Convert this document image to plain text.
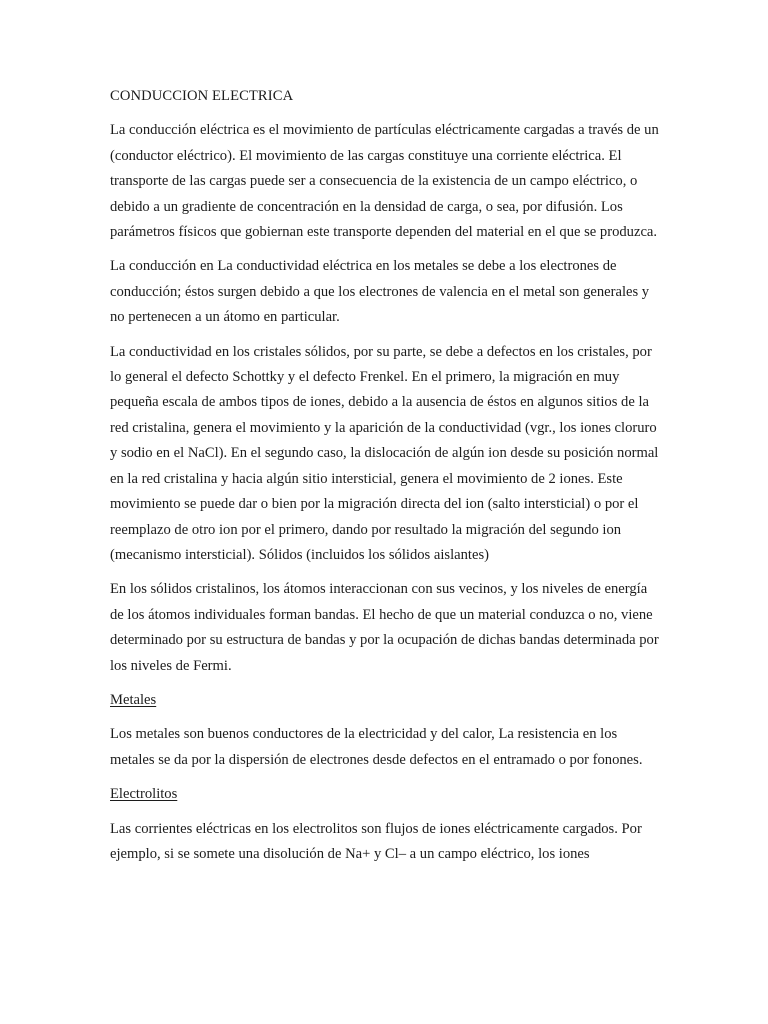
CONDUCCION ELECTRICA

La conducción eléctrica es el movimiento de partículas eléctricamente cargadas a través de un (conductor eléctrico). El movimiento de las cargas constituye una corriente eléctrica. El transporte de las cargas puede ser a consecuencia de la existencia de un campo eléctrico, o debido a un gradiente de concentración en la densidad de carga, o sea, por difusión. Los parámetros físicos que gobiernan este transporte dependen del material en el que se produzca.

La conducción en La conductividad eléctrica en los metales se debe a los electrones de conducción; éstos surgen debido a que los electrones de valencia en el metal son generales y no pertenecen a un átomo en particular.

La conductividad en los cristales sólidos, por su parte, se debe a defectos en los cristales, por lo general el defecto Schottky y el defecto Frenkel. En el primero, la migración en muy pequeña escala de ambos tipos de iones, debido a la ausencia de éstos en algunos sitios de la red cristalina, genera el movimiento y la aparición de la conductividad (vgr., los iones cloruro y sodio en el NaCl). En el segundo caso, la dislocación de algún ion desde su posición normal en la red cristalina y hacia algún sitio intersticial, genera el movimiento de 2 iones. Este movimiento se puede dar o bien por la migración directa del ion (salto intersticial) o por el reemplazo de otro ion por el primero, dando por resultado la migración del segundo ion (mecanismo intersticial). Sólidos (incluidos los sólidos aislantes)

En los sólidos cristalinos, los átomos interaccionan con sus vecinos, y los niveles de energía de los átomos individuales forman bandas. El hecho de que un material conduzca o no, viene determinado por su estructura de bandas y por la ocupación de dichas bandas determinada por los niveles de Fermi.

Metales

Los metales son buenos conductores de la electricidad y del calor, La resistencia en los metales se da por la dispersión de electrones desde defectos en el entramado o por fonones.

Electrolitos

Las corrientes eléctricas en los electrolitos son flujos de iones eléctricamente cargados. Por ejemplo, si se somete una disolución de Na+ y Cl– a un campo eléctrico, los iones
